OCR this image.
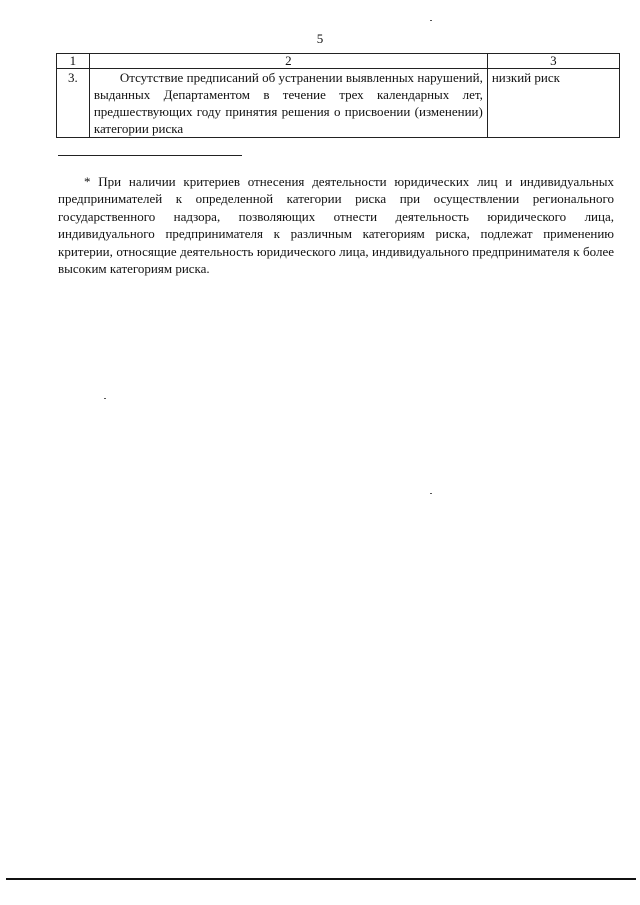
5
1	2	3
3.	Отсутствие предписаний об устранении выявленных нарушений, выданных Департаментом в течение трех календарных лет, предшествующих году принятия решения о присвоении (изменении) категории риска	низкий риск
* При наличии критериев отнесения деятельности юридических лиц и индивидуальных предпринимателей к определенной категории риска при осуществлении регионального государственного надзора, позволяющих отнести деятельность юридического лица, индивидуального предпринимателя к различным категориям риска, подлежат применению критерии, относящие деятельность юридического лица, индивидуального предпринимателя к более высоким категориям риска.
